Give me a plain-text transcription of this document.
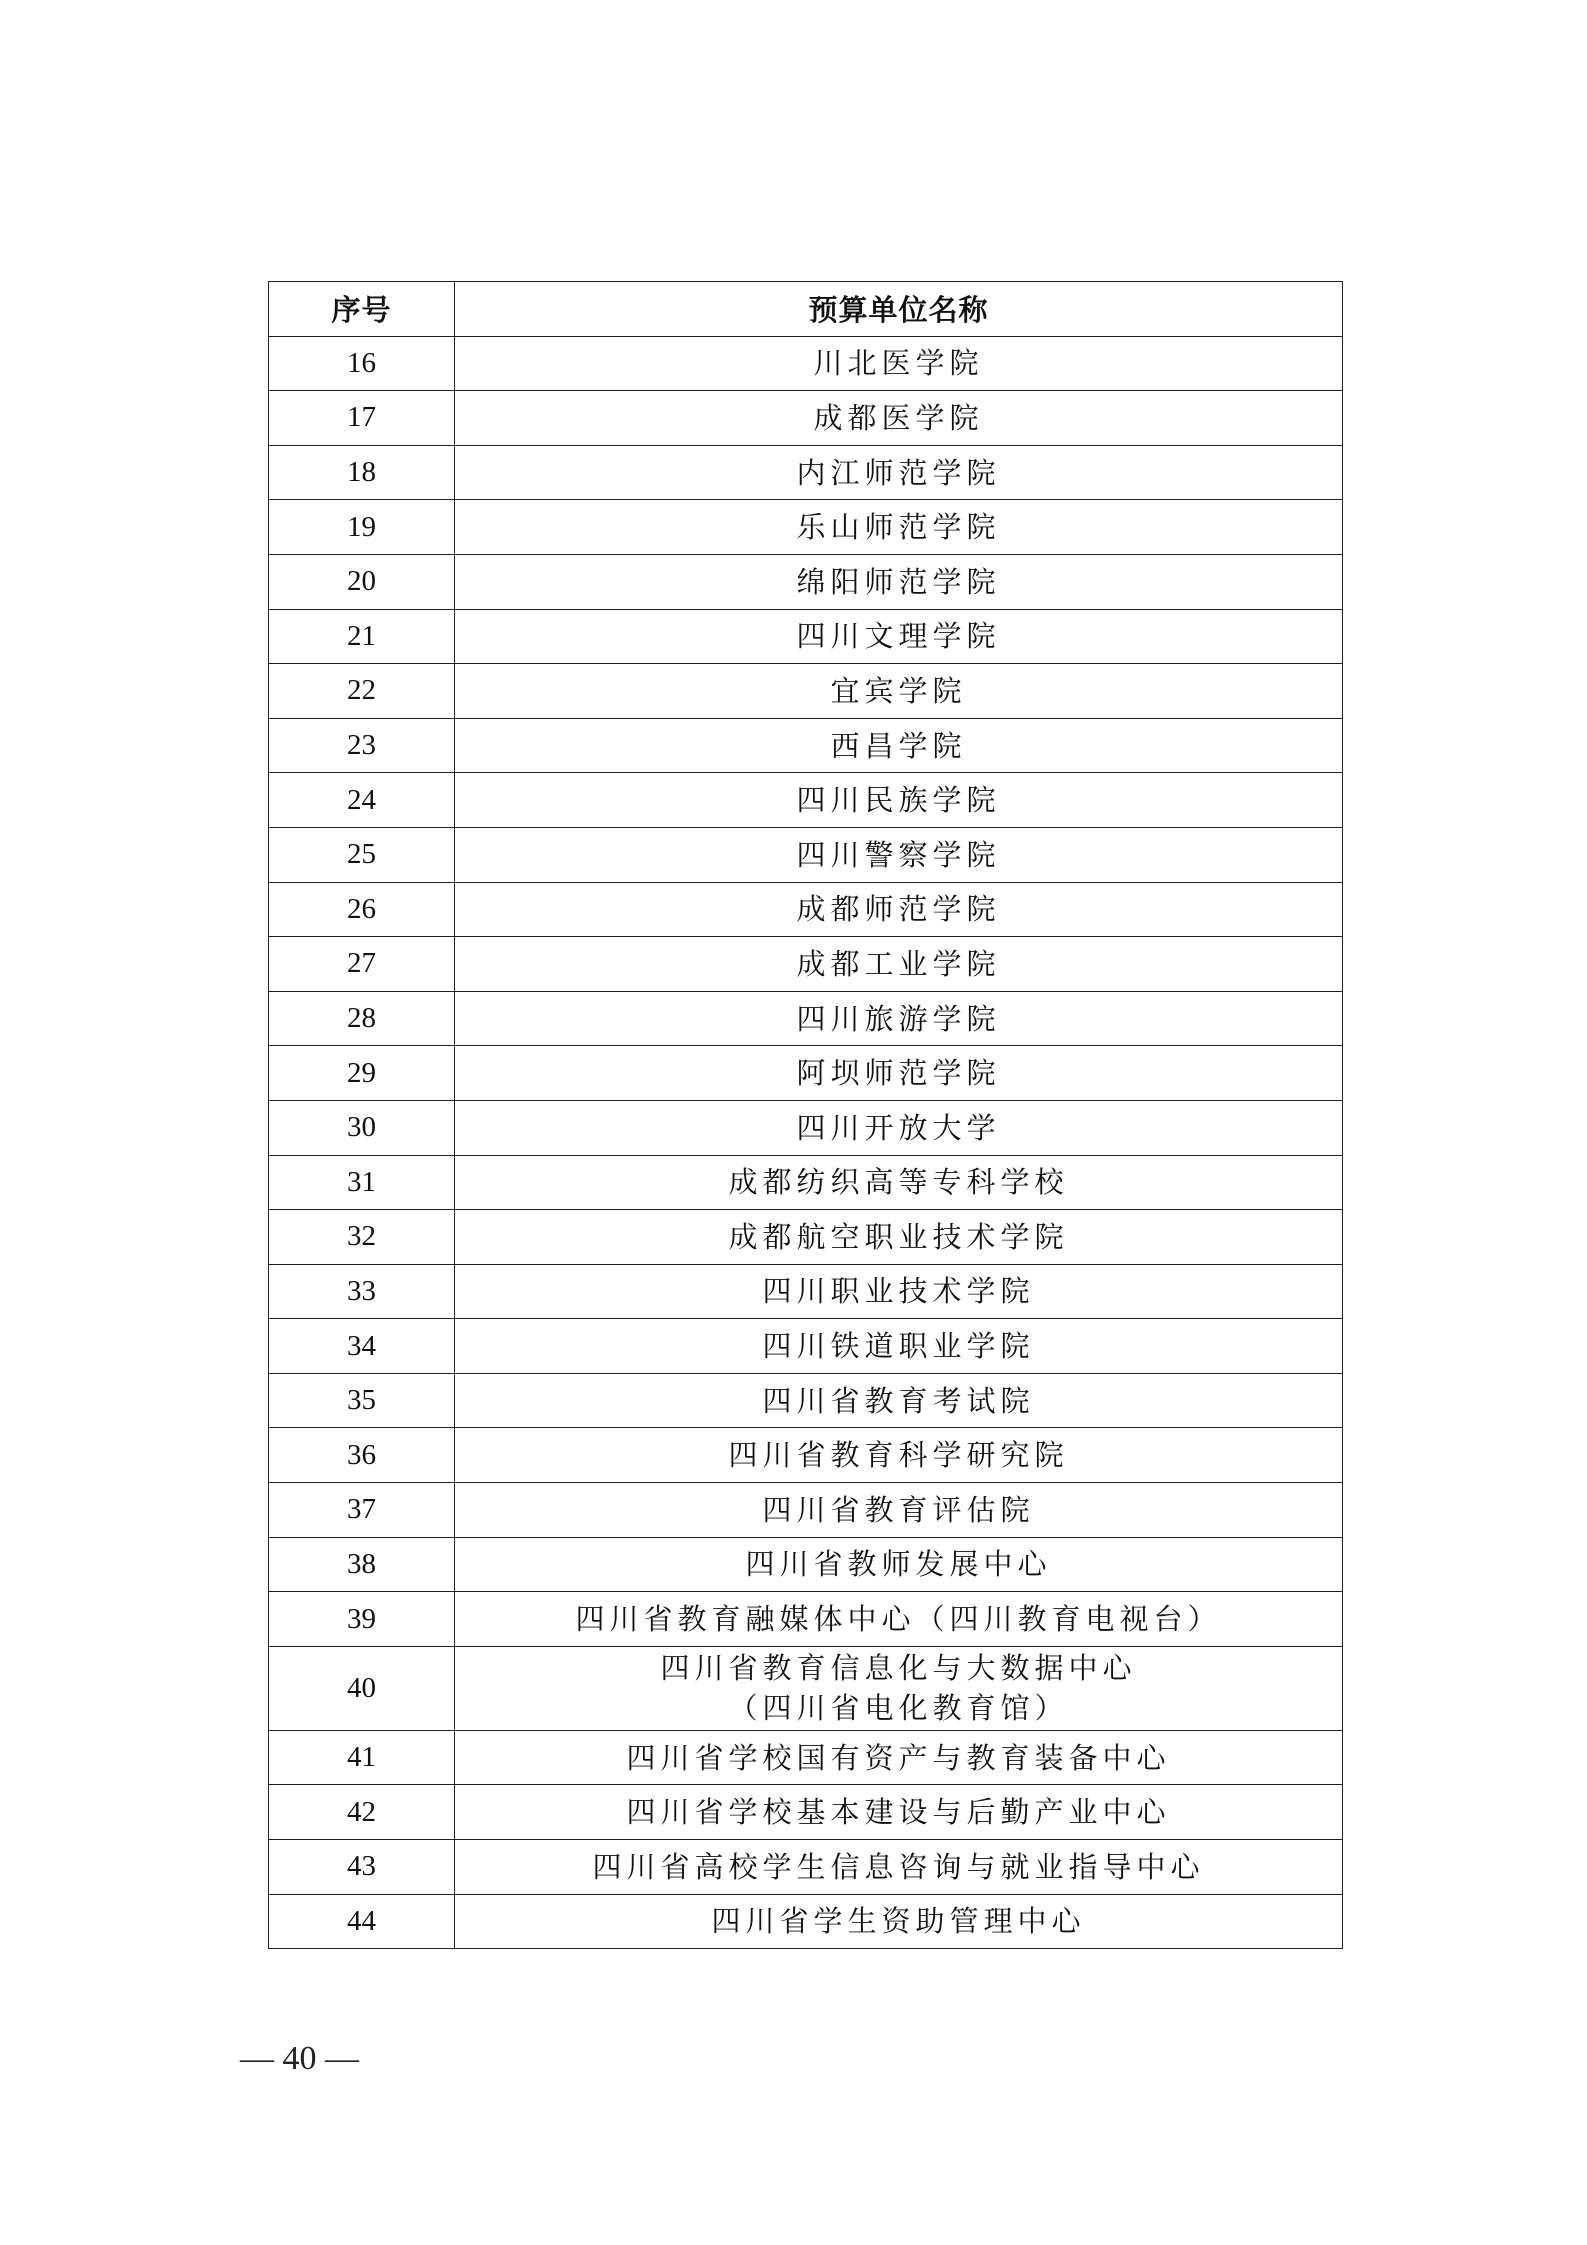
序号	预算单位名称
16	川北医学院
17	成都医学院
18	内江师范学院
19	乐山师范学院
20	绵阳师范学院
21	四川文理学院
22	宜宾学院
23	西昌学院
24	四川民族学院
25	四川警察学院
26	成都师范学院
27	成都工业学院
28	四川旅游学院
29	阿坝师范学院
30	四川开放大学
31	成都纺织高等专科学校
32	成都航空职业技术学院
33	四川职业技术学院
34	四川铁道职业学院
35	四川省教育考试院
36	四川省教育科学研究院
37	四川省教育评估院
38	四川省教师发展中心
39	四川省教育融媒体中心（四川教育电视台）
40	四川省教育信息化与大数据中心
（四川省电化教育馆）

41	四川省学校国有资产与教育装备中心
42	四川省学校基本建设与后勤产业中心
43	四川省高校学生信息咨询与就业指导中心
44	四川省学生资助管理中心
— 40 —
